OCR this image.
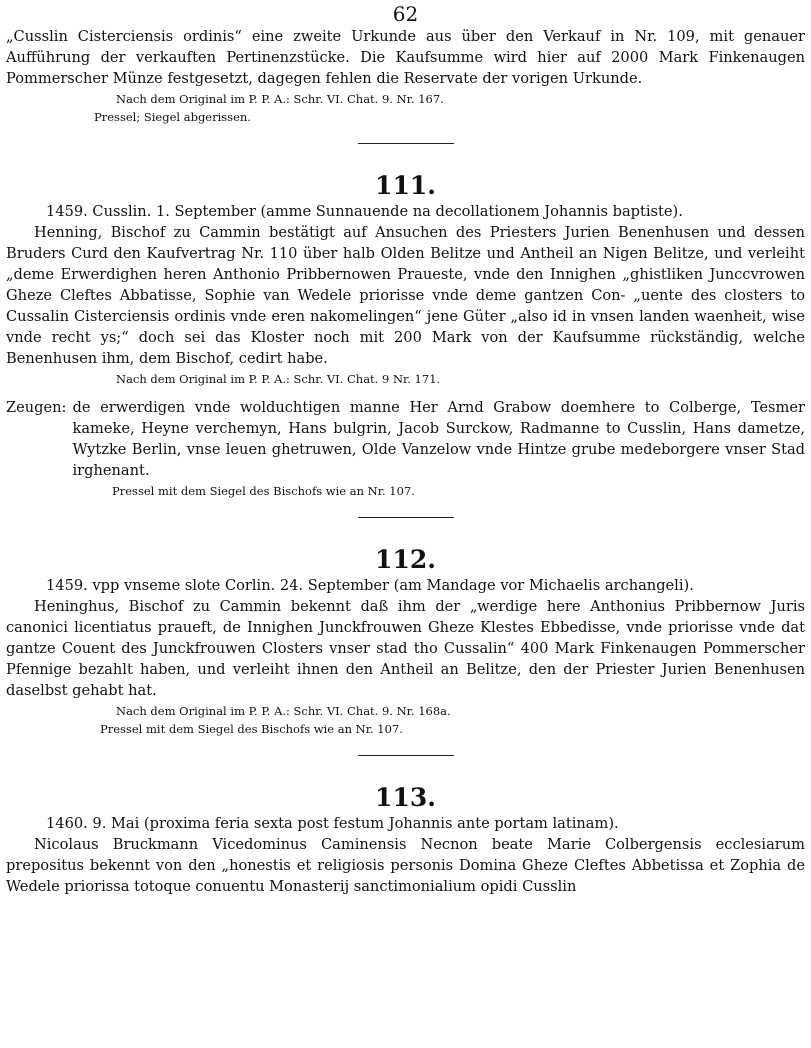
62

„Cusslin Cisterciensis ordinis“ eine zweite Urkunde aus über den Verkauf in Nr. 109, mit genauer Aufführung der verkauften Pertinenzstücke. Die Kaufsumme wird hier auf 2000 Mark Finkenaugen Pommerscher Münze festgesetzt, dagegen fehlen die Reservate der vorigen Urkunde.

Nach dem Original im P. P. A.: Schr. VI. Chat. 9. Nr. 167.

Pressel; Siegel abgerissen.

111.

1459. Cusslin. 1. September (amme Sunnauende na decollationem Johannis baptiste).

Henning, Bischof zu Cammin bestätigt auf Ansuchen des Priesters Jurien Benenhusen und dessen Bruders Curd den Kaufvertrag Nr. 110 über halb Olden Belitze und Antheil an Nigen Belitze, und verleiht „deme Erwerdighen heren Anthonio Pribbernowen Praueste, vnde den Innighen „ghistliken Junccvrowen Gheze Cleftes Abbatisse, Sophie van Wedele priorisse vnde deme gantzen Con- „uente des closters to Cussalin Cisterciensis ordinis vnde eren nakomelingen“ jene Güter „also id in vnsen landen waenheit, wise vnde recht ys;“ doch sei das Kloster noch mit 200 Mark von der Kaufsumme rückständig, welche Benenhusen ihm, dem Bischof, cedirt habe.

Nach dem Original im P. P. A.: Schr. VI. Chat. 9 Nr. 171.

Zeugen: de erwerdigen vnde wolduchtigen manne Her Arnd Grabow doemhere to Colberge, Tesmer kameke, Heyne verchemyn, Hans bulgrin, Jacob Surckow, Radmanne to Cusslin, Hans dametze, Wytzke Berlin, vnse leuen ghetruwen, Olde Vanzelow vnde Hintze grube medeborgere vnser Stad irghenant.

Pressel mit dem Siegel des Bischofs wie an Nr. 107.

112.

1459. vpp vnseme slote Corlin. 24. September (am Mandage vor Michaelis archangeli).

Heninghus, Bischof zu Cammin bekennt daß ihm der „werdige here Anthonius Pribbernow Juris canonici licentiatus praueft, de Innighen Junckfrouwen Gheze Klestes Ebbedisse, vnde priorisse vnde dat gantze Couent des Junckfrouwen Closters vnser stad tho Cussalin“ 400 Mark Finkenaugen Pommerscher Pfennige bezahlt haben, und verleiht ihnen den Antheil an Belitze, den der Priester Jurien Benenhusen daselbst gehabt hat.

Nach dem Original im P. P. A.: Schr. VI. Chat. 9. Nr. 168a.

Pressel mit dem Siegel des Bischofs wie an Nr. 107.

113.

1460. 9. Mai (proxima feria sexta post festum Johannis ante portam latinam).

Nicolaus Bruckmann Vicedominus Caminensis Necnon beate Marie Colbergensis ecclesiarum prepositus bekennt von den „honestis et religiosis personis Domina Gheze Cleftes Abbetissa et Zophia de Wedele priorissa totoque conuentu Monasterij sanctimonialium opidi Cusslin
